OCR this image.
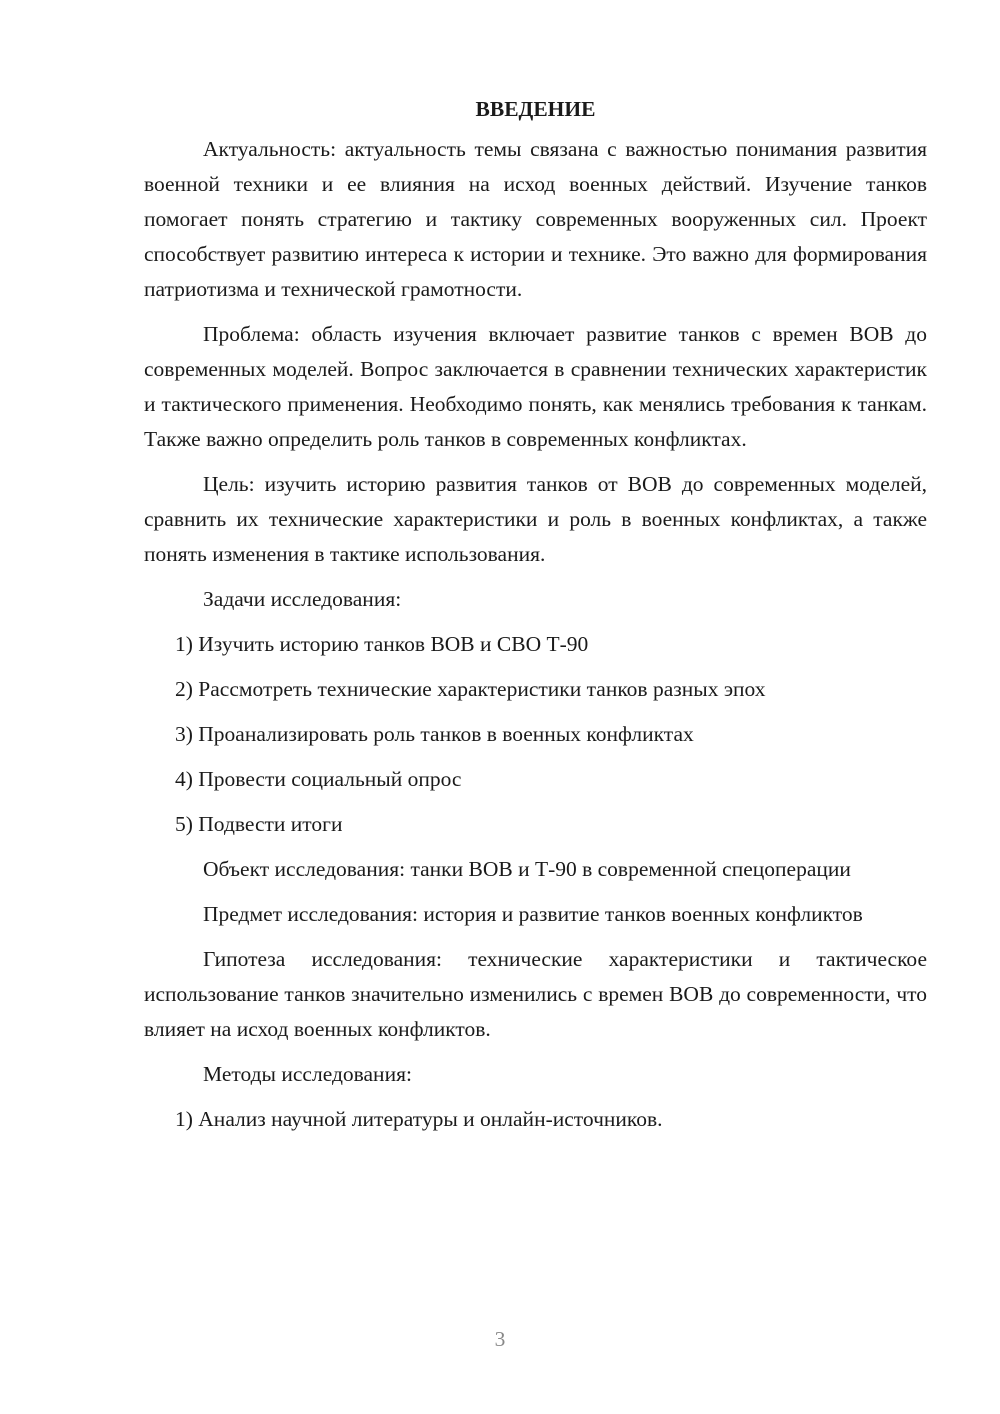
ВВЕДЕНИЕ

Актуальность: актуальность темы связана с важностью понимания развития военной техники и ее влияния на исход военных действий. Изучение танков помогает понять стратегию и тактику современных вооруженных сил. Проект способствует развитию интереса к истории и технике. Это важно для формирования патриотизма и технической грамотности.

Проблема: область изучения включает развитие танков с времен ВОВ до современных моделей. Вопрос заключается в сравнении технических характеристик и тактического применения. Необходимо понять, как менялись требования к танкам. Также важно определить роль танков в современных конфликтах.

Цель: изучить историю развития танков от ВОВ до современных моделей, сравнить их технические характеристики и роль в военных конфликтах, а также понять изменения в тактике использования.

Задачи исследования:

1) Изучить историю танков ВОВ и СВО Т-90

2) Рассмотреть технические характеристики танков разных эпох

3) Проанализировать роль танков в военных конфликтах

4) Провести социальный опрос

5) Подвести итоги

Объект исследования: танки ВОВ и Т-90 в современной спецоперации

Предмет исследования: история и развитие танков военных конфликтов

Гипотеза исследования: технические характеристики и тактическое использование танков значительно изменились с времен ВОВ до современности, что влияет на исход военных конфликтов.

Методы исследования:

1) Анализ научной литературы и онлайн-источников.

3
